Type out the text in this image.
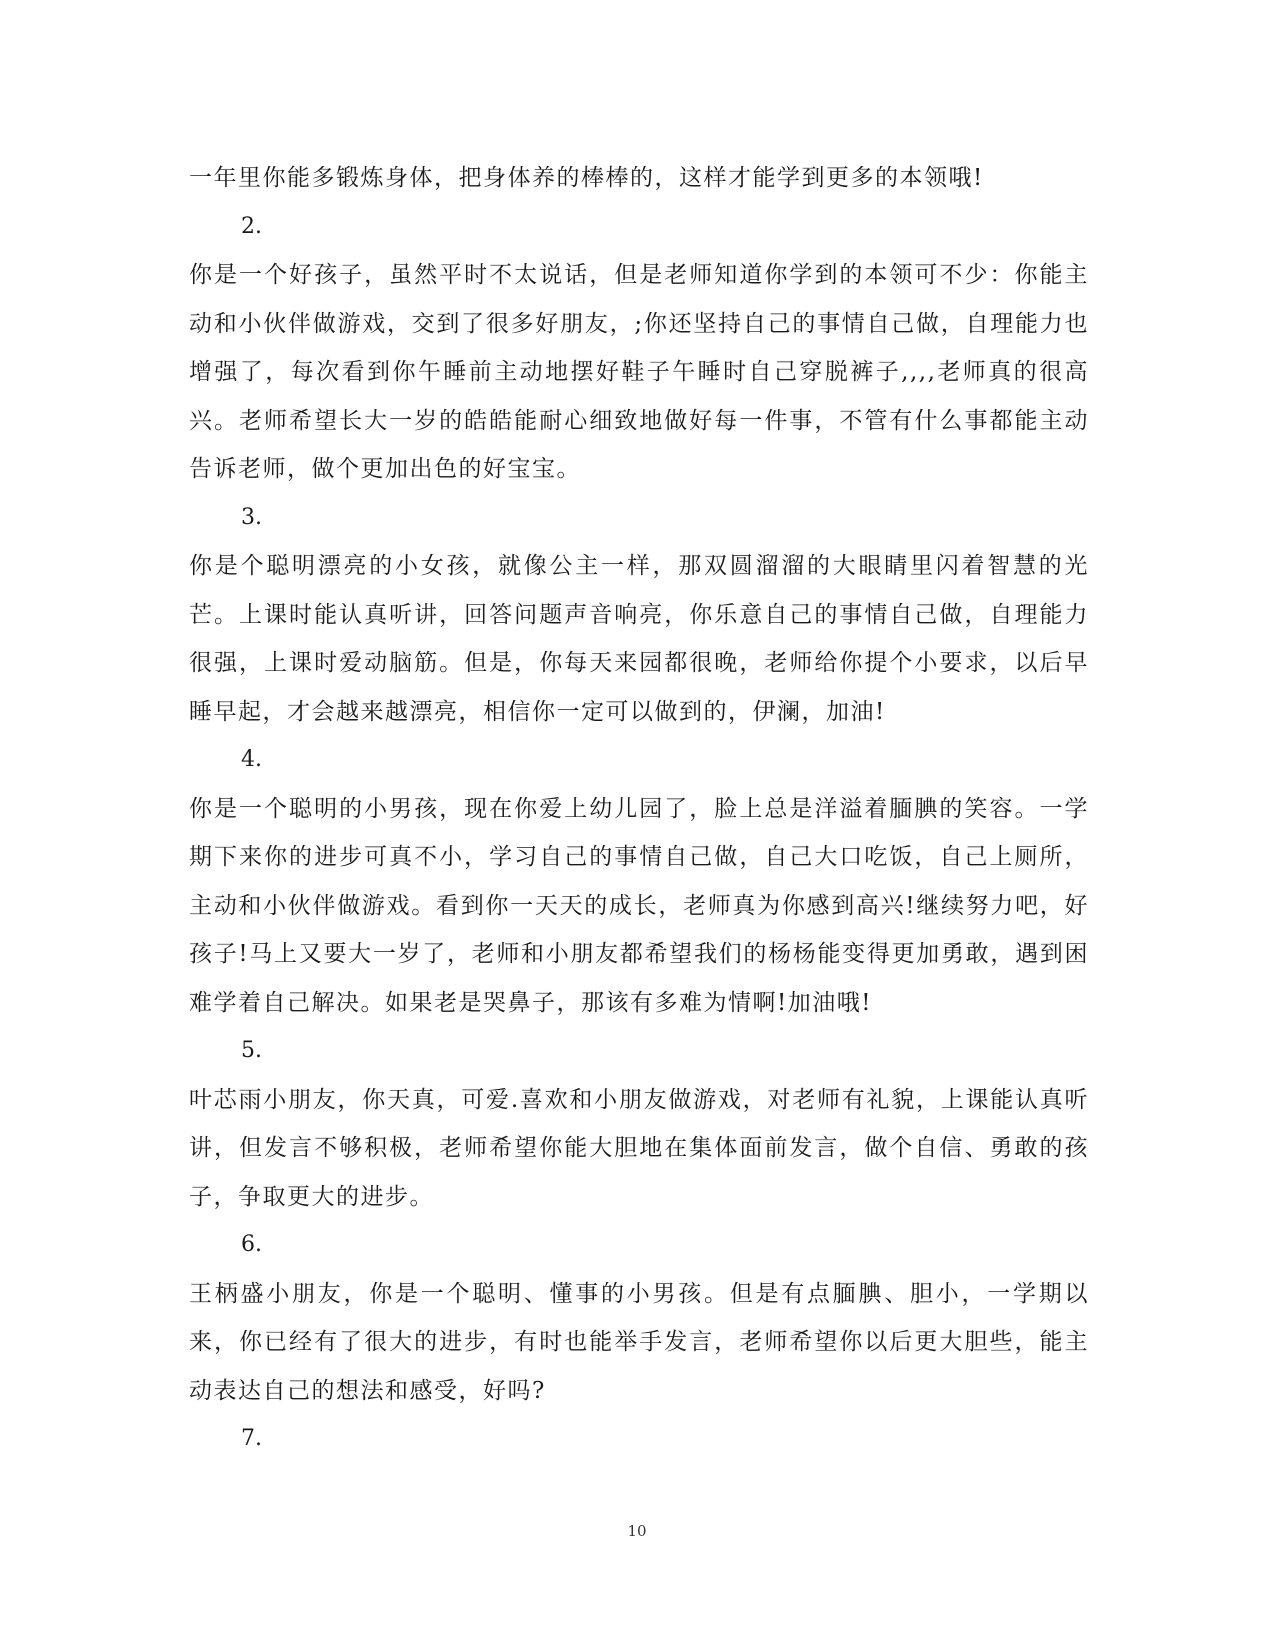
一年里你能多锻炼身体，把身体养的棒棒的，这样才能学到更多的本领哦!

2.

你是一个好孩子，虽然平时不太说话，但是老师知道你学到的本领可不少：你能主动和小伙伴做游戏，交到了很多好朋友，;你还坚持自己的事情自己做，自理能力也增强了，每次看到你午睡前主动地摆好鞋子午睡时自己穿脱裤子,,,,老师真的很高兴。老师希望长大一岁的皓皓能耐心细致地做好每一件事，不管有什么事都能主动告诉老师，做个更加出色的好宝宝。

3.

你是个聪明漂亮的小女孩，就像公主一样，那双圆溜溜的大眼睛里闪着智慧的光芒。上课时能认真听讲，回答问题声音响亮，你乐意自己的事情自己做，自理能力很强，上课时爱动脑筋。但是，你每天来园都很晚，老师给你提个小要求，以后早睡早起，才会越来越漂亮，相信你一定可以做到的，伊澜，加油!

4.

你是一个聪明的小男孩，现在你爱上幼儿园了，脸上总是洋溢着腼腆的笑容。一学期下来你的进步可真不小，学习自己的事情自己做，自己大口吃饭，自己上厕所，主动和小伙伴做游戏。看到你一天天的成长，老师真为你感到高兴!继续努力吧，好孩子!马上又要大一岁了，老师和小朋友都希望我们的杨杨能变得更加勇敢，遇到困难学着自己解决。如果老是哭鼻子，那该有多难为情啊!加油哦!

5.

叶芯雨小朋友，你天真，可爱.喜欢和小朋友做游戏，对老师有礼貌，上课能认真听讲，但发言不够积极，老师希望你能大胆地在集体面前发言，做个自信、勇敢的孩子，争取更大的进步。

6.

王柄盛小朋友，你是一个聪明、懂事的小男孩。但是有点腼腆、胆小，一学期以来，你已经有了很大的进步，有时也能举手发言，老师希望你以后更大胆些，能主动表达自己的想法和感受，好吗?

7.

10
